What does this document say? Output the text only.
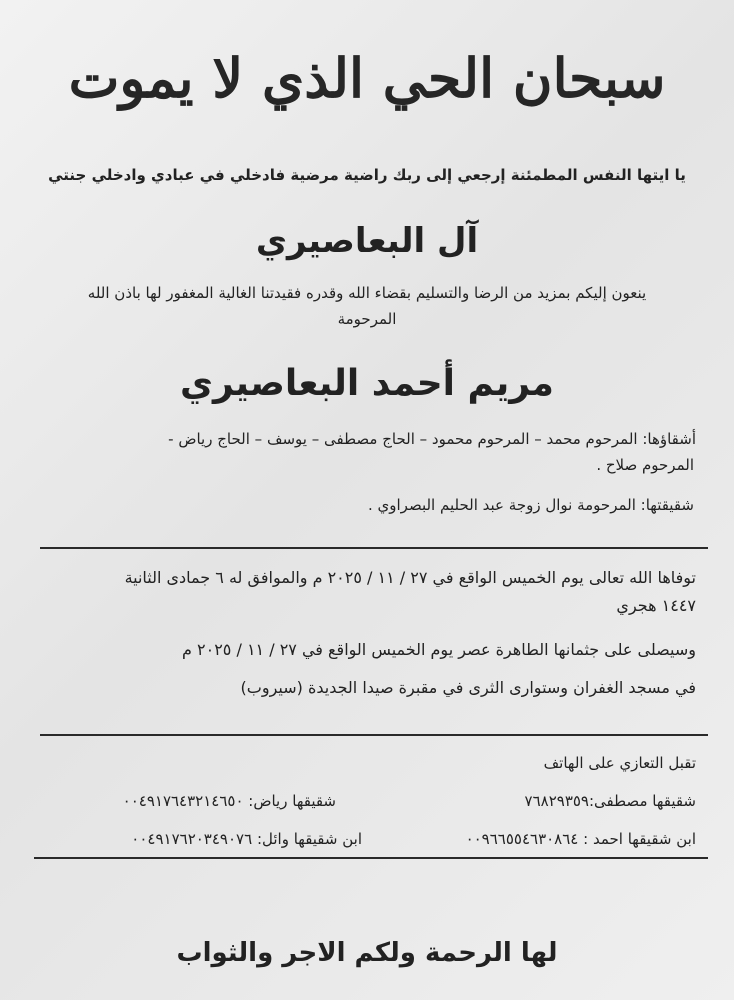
سبحان الحي الذي لا يموت
يا ايتها النفس المطمئنة إرجعي إلى ربك راضية مرضية فادخلي في عبادي وادخلي جنتي
آل البعاصيري
ينعون إليكم بمزيد من الرضا والتسليم بقضاء الله وقدره فقيدتنا الغالية المغفور لها باذن الله
المرحومة
مريم أحمد البعاصيري
أشقاؤها: المرحوم محمد – المرحوم محمود – الحاج مصطفى – يوسف – الحاج رياض -
المرحوم صلاح .
شقيقتها: المرحومة نوال زوجة عبد الحليم البصراوي .
توفاها الله تعالى يوم الخميس الواقع في ٢٧ / ١١ / ٢٠٢٥ م والموافق له ٦ جمادى الثانية
١٤٤٧ هجري
وسيصلى على جثمانها الطاهرة عصر يوم الخميس الواقع في ٢٧ / ١١ / ٢٠٢٥ م
في مسجد الغفران وستوارى الثرى في مقبرة صيدا الجديدة (سيروب)
تقبل التعازي على الهاتف
شقيقها مصطفى:٧٦٨٢٩٣٥٩
شقيقها رياض: ٠٠٤٩١٧٦٤٣٢١٤٦٥٠
ابن شقيقها احمد : ٠٠٩٦٦٥٥٤٦٣٠٨٦٤
ابن شقيقها وائل: ٠٠٤٩١٧٦٢٠٣٤٩٠٧٦
لها الرحمة ولكم الاجر والثواب
